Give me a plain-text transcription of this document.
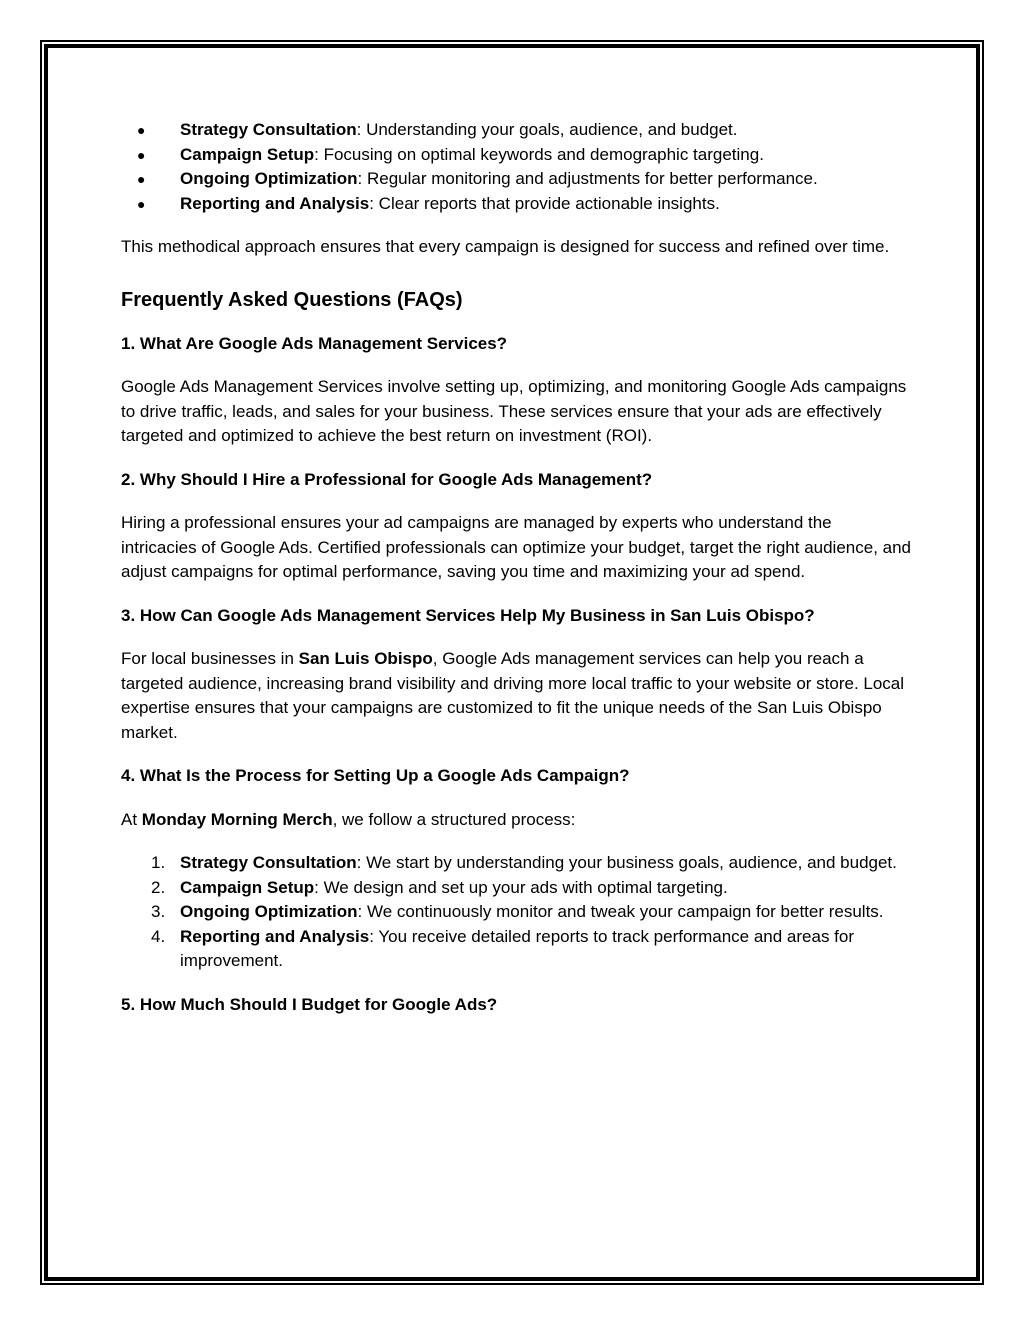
● Strategy Consultation: Understanding your goals, audience, and budget.
● Campaign Setup: Focusing on optimal keywords and demographic targeting.
● Ongoing Optimization: Regular monitoring and adjustments for better performance.
● Reporting and Analysis: Clear reports that provide actionable insights.

This methodical approach ensures that every campaign is designed for success and refined over time.

Frequently Asked Questions (FAQs)
1. What Are Google Ads Management Services?

Google Ads Management Services involve setting up, optimizing, and monitoring Google Ads campaigns to drive traffic, leads, and sales for your business. These services ensure that your ads are effectively targeted and optimized to achieve the best return on investment (ROI).

2. Why Should I Hire a Professional for Google Ads Management?

Hiring a professional ensures your ad campaigns are managed by experts who understand the intricacies of Google Ads. Certified professionals can optimize your budget, target the right audience, and adjust campaigns for optimal performance, saving you time and maximizing your ad spend.

3. How Can Google Ads Management Services Help My Business in San Luis Obispo?

For local businesses in San Luis Obispo, Google Ads management services can help you reach a targeted audience, increasing brand visibility and driving more local traffic to your website or store. Local expertise ensures that your campaigns are customized to fit the unique needs of the San Luis Obispo market.

4. What Is the Process for Setting Up a Google Ads Campaign?

At Monday Morning Merch, we follow a structured process:

1. Strategy Consultation: We start by understanding your business goals, audience, and budget.
2. Campaign Setup: We design and set up your ads with optimal targeting.
3. Ongoing Optimization: We continuously monitor and tweak your campaign for better results.
4. Reporting and Analysis: You receive detailed reports to track performance and areas for improvement.
5. How Much Should I Budget for Google Ads?
